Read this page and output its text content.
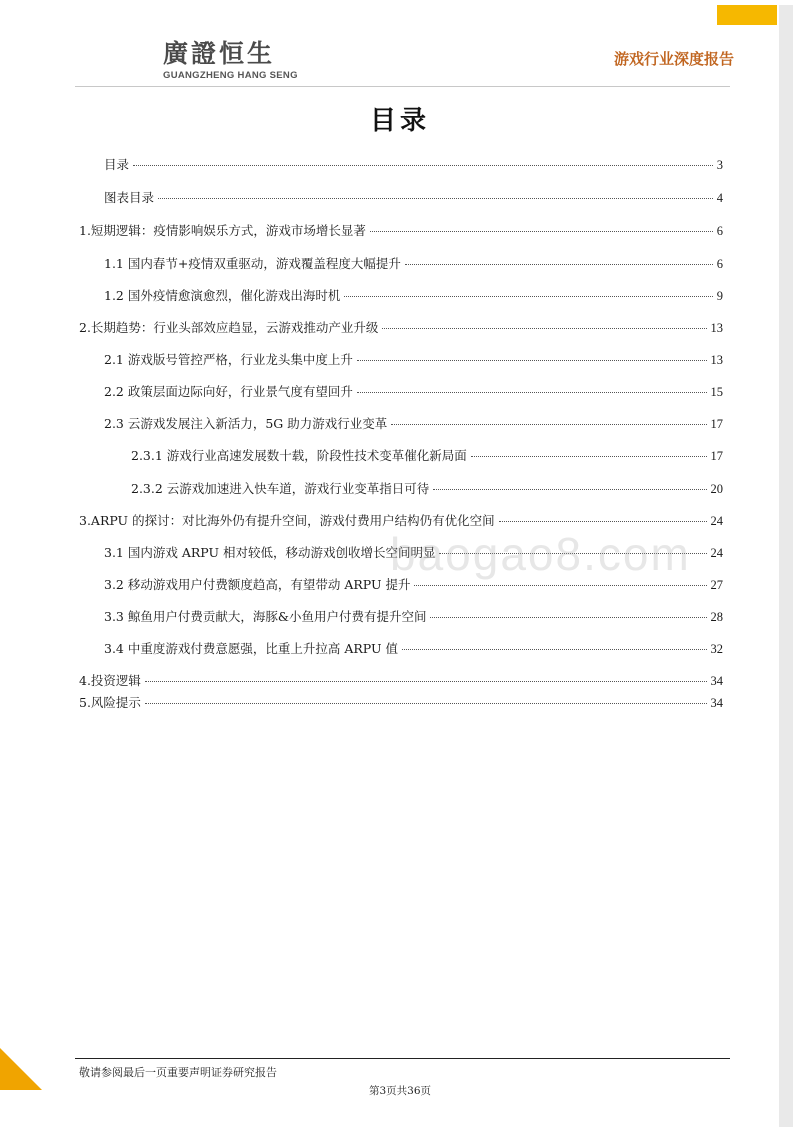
廣證恒生
GUANGZHENG HANG SENG
游戏行业深度报告
目录
目录	3
图表目录	4
1.短期逻辑：疫情影响娱乐方式，游戏市场增长显著	6
1.1 国内春节+疫情双重驱动，游戏覆盖程度大幅提升	6
1.2 国外疫情愈演愈烈，催化游戏出海时机	9
2.长期趋势：行业头部效应趋显，云游戏推动产业升级	13
2.1 游戏版号管控严格，行业龙头集中度上升	13
2.2 政策层面边际向好，行业景气度有望回升	15
2.3 云游戏发展注入新活力，5G 助力游戏行业变革	17
2.3.1 游戏行业高速发展数十载，阶段性技术变革催化新局面	17
2.3.2 云游戏加速进入快车道，游戏行业变革指日可待	20
3.ARPU 的探讨：对比海外仍有提升空间，游戏付费用户结构仍有优化空间	24
3.1 国内游戏 ARPU 相对较低，移动游戏创收增长空间明显	24
3.2 移动游戏用户付费额度趋高，有望带动 ARPU 提升	27
3.3 鲸鱼用户付费贡献大，海豚&小鱼用户付费有提升空间	28
3.4 中重度游戏付费意愿强，比重上升拉高 ARPU 值	32
4.投资逻辑	34
5.风险提示	34
baogao8.com
敬请参阅最后一页重要声明证券研究报告
第3页共36页
